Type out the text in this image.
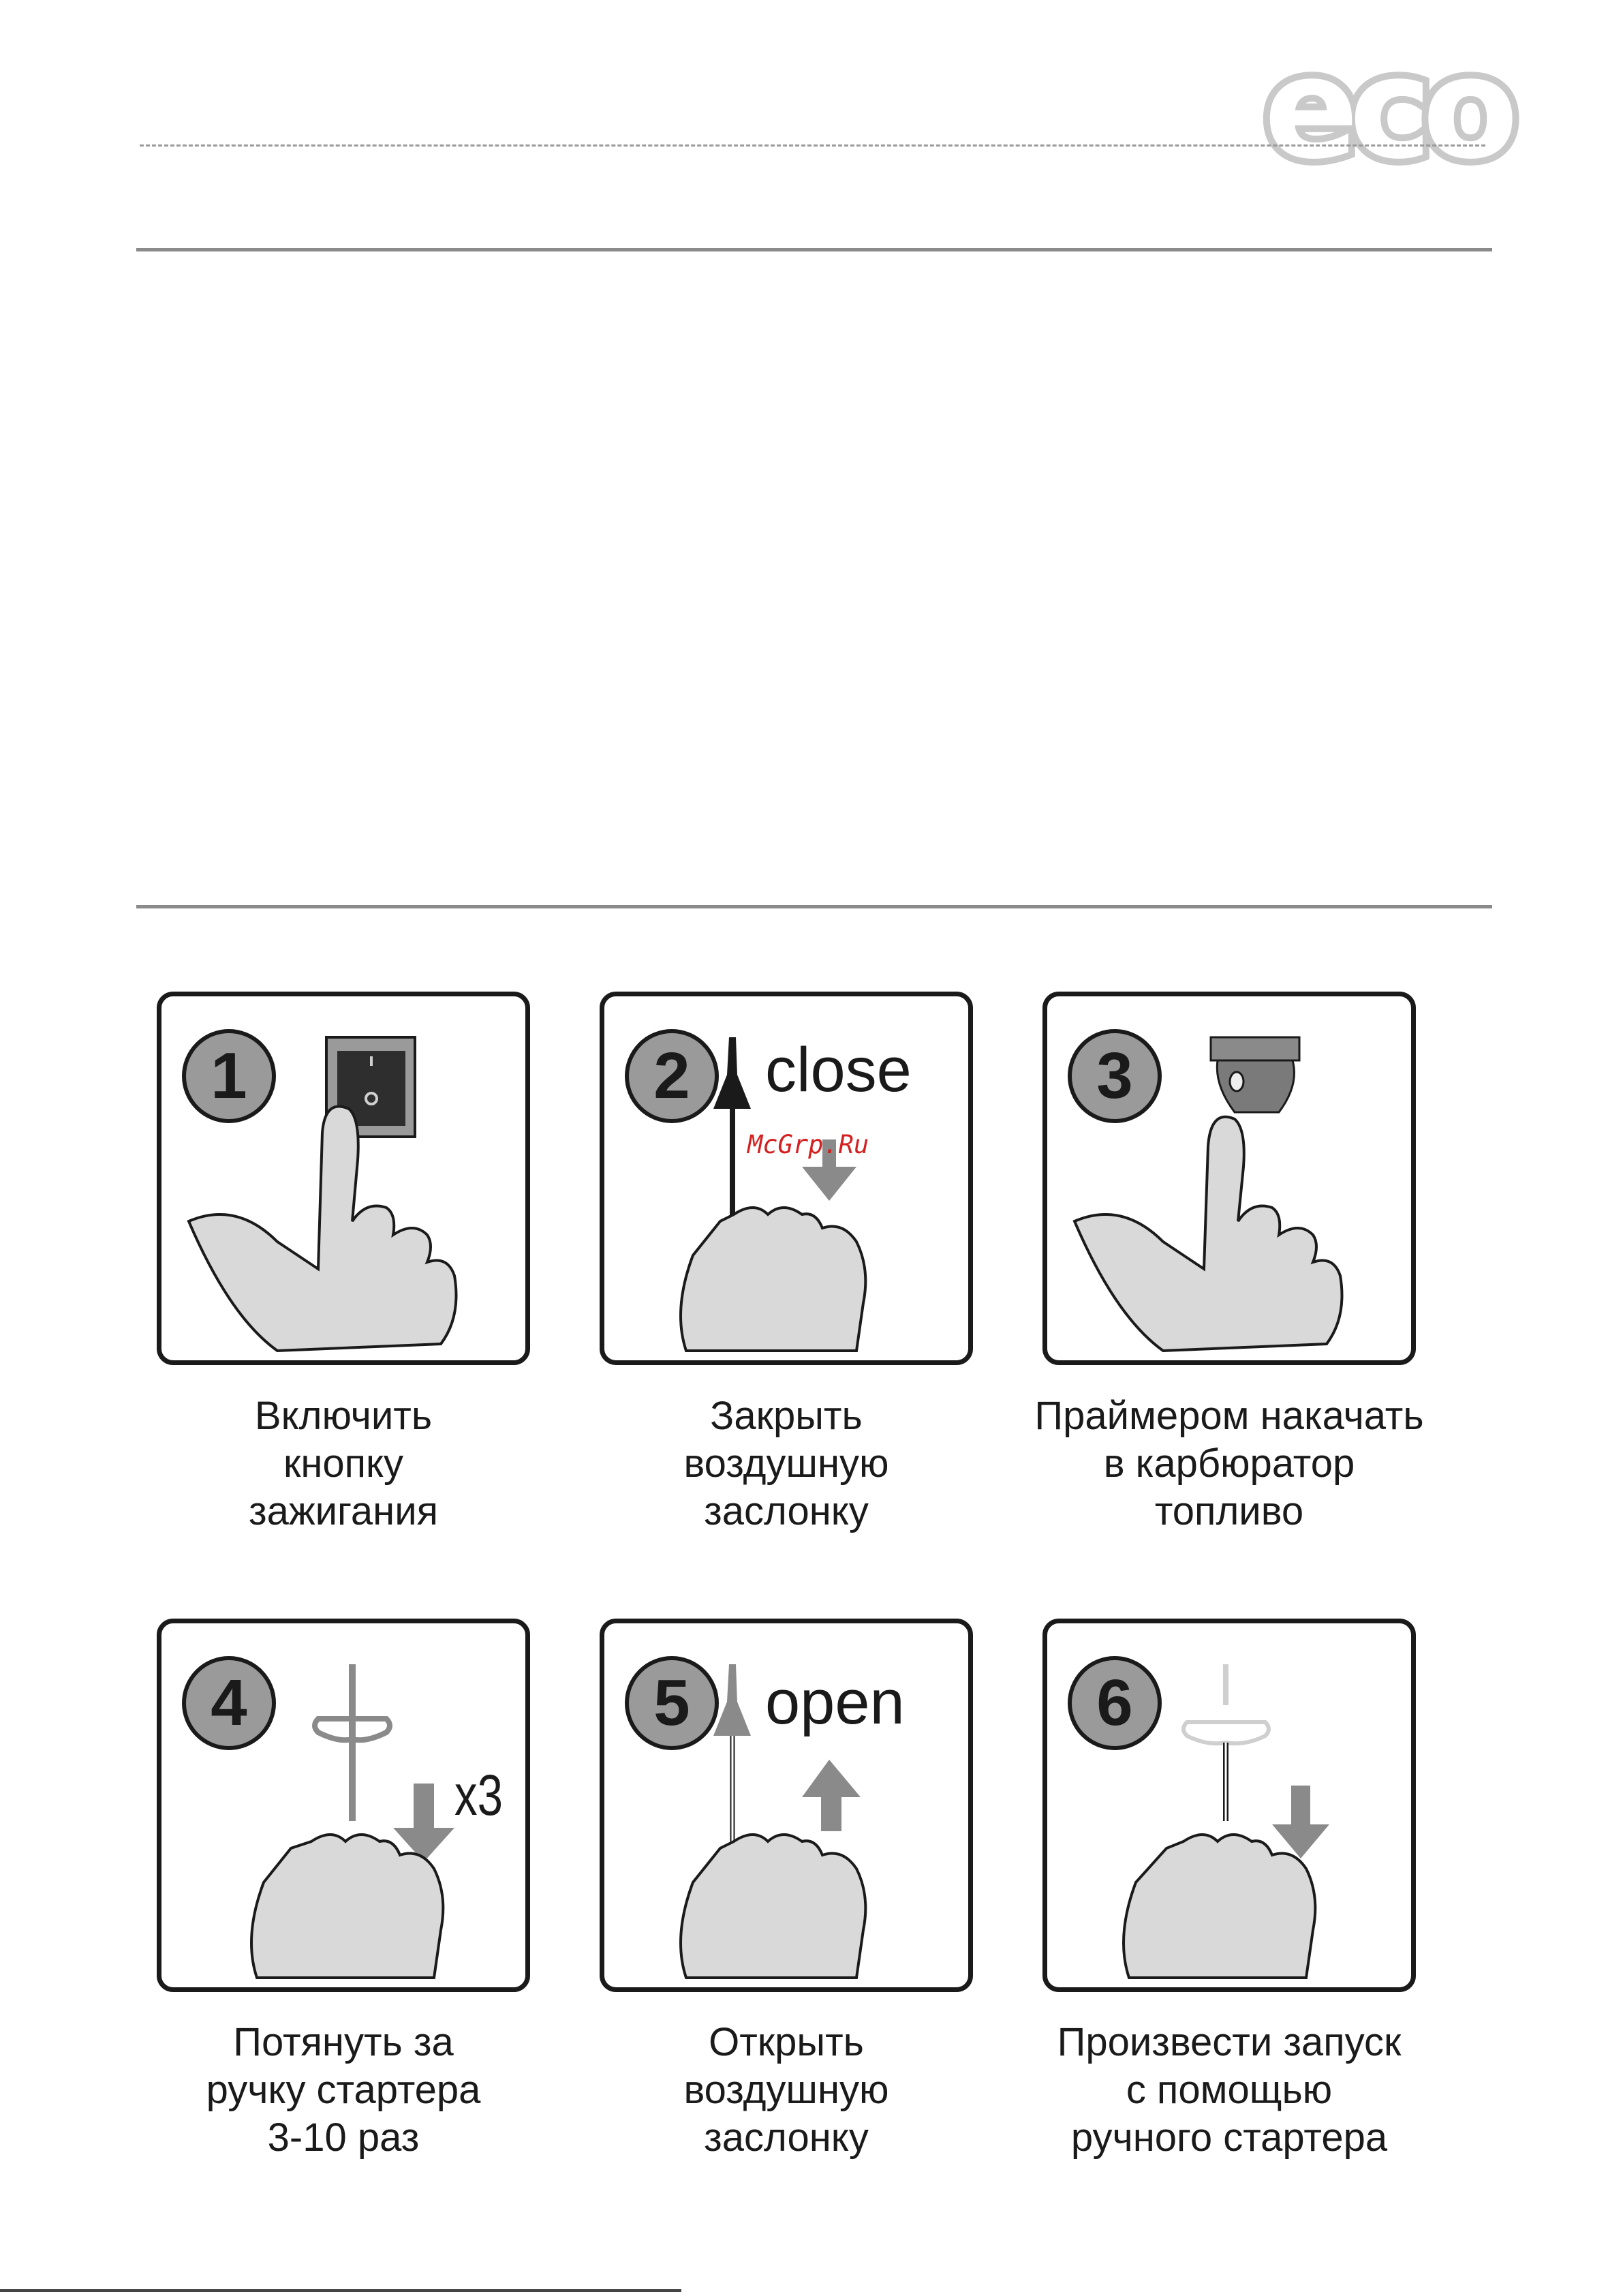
eco
1	2	close	3
4
x3
5	open	6
McGrp.Ru
Включить
кнопку
зажигания
Закрыть
воздушную
заслонку
Праймером накачать
в карбюратор
топливо
Потянуть за
ручку стартера
3-10 раз
Открыть
воздушную
заслонку
Произвести запуск
с помощью
ручного стартера
